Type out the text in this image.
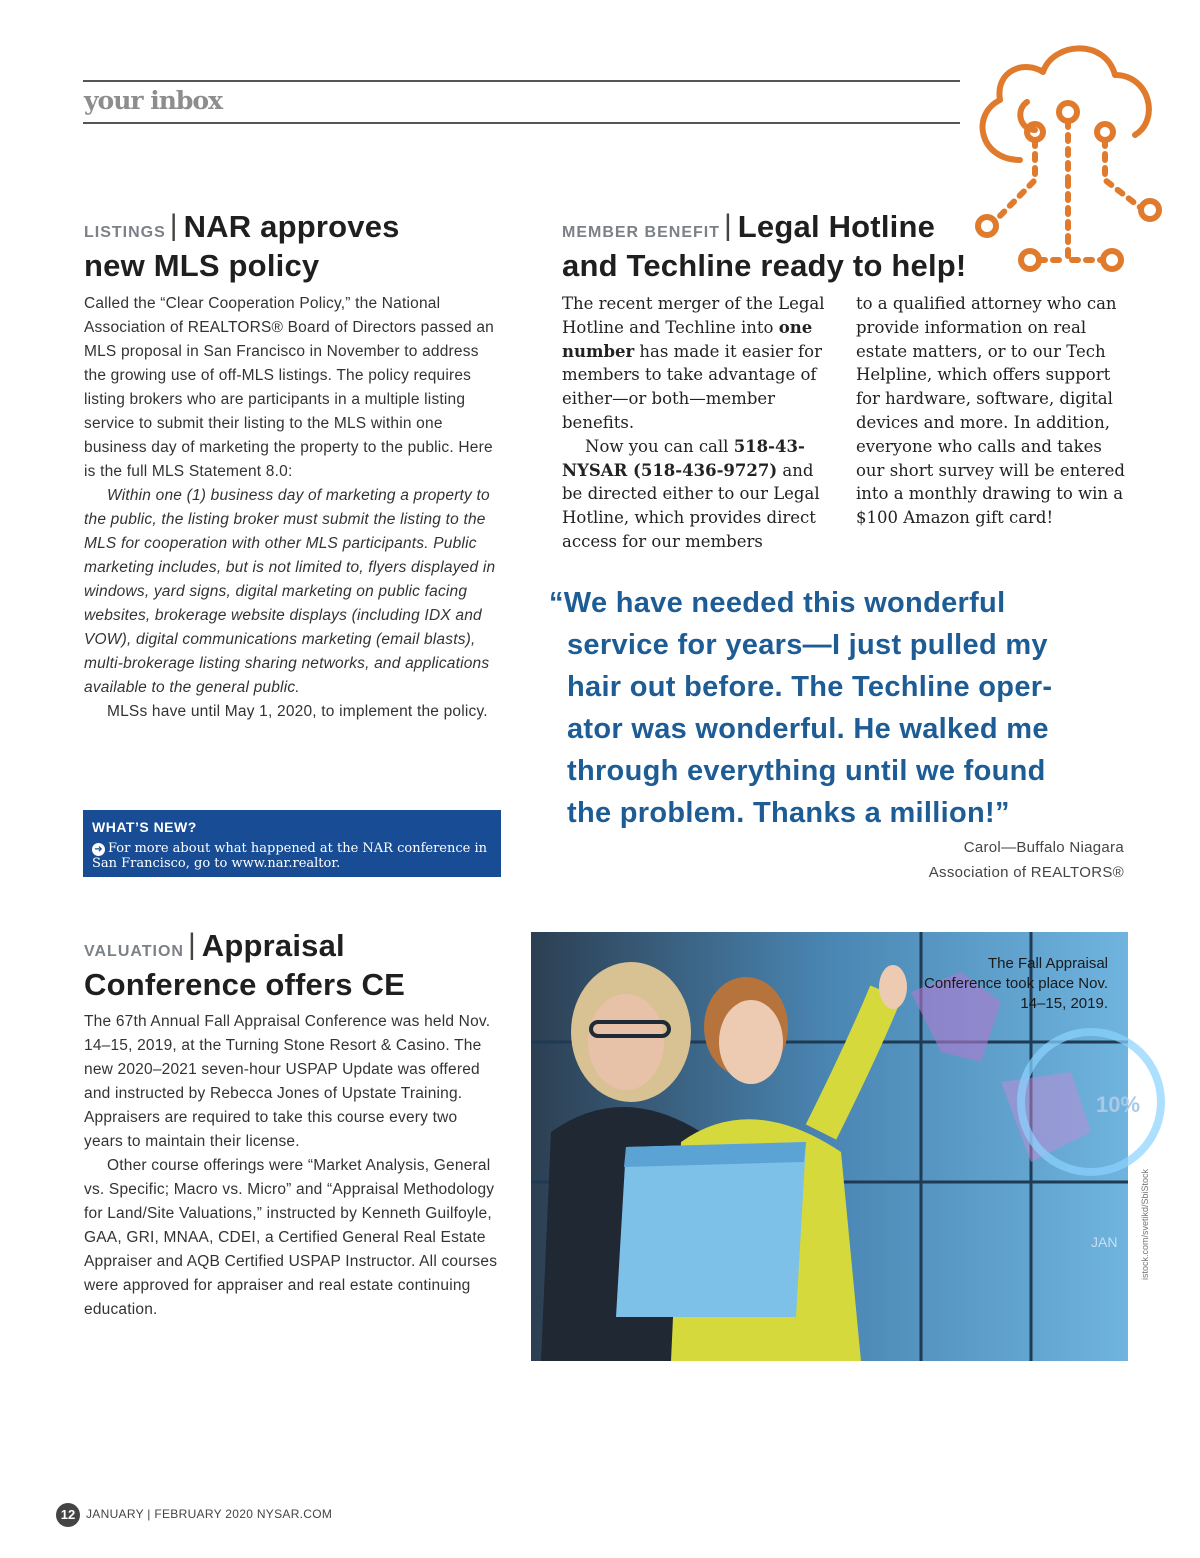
your inbox
LISTINGS | NAR approves
new MLS policy

Called the “Clear Cooperation Policy,” the National Association of REALTORS® Board of Directors passed an MLS proposal in San Francisco in November to address the growing use of off-MLS listings. The policy requires listing brokers who are participants in a multiple listing service to submit their listing to the MLS within one business day of marketing the property to the public. Here is the full MLS Statement 8.0:

Within one (1) business day of marketing a property to the public, the listing broker must submit the listing to the MLS for cooperation with other MLS participants. Public marketing includes, but is not limited to, flyers displayed in windows, yard signs, digital marketing on public facing websites, brokerage website displays (including IDX and VOW), digital communications marketing (email blasts), multi-brokerage listing sharing networks, and applications available to the general public.

MLSs have until May 1, 2020, to implement the policy.

WHAT’S NEW?
➜ For more about what happened at the NAR conference in San Francisco, go to www.nar.realtor.
MEMBER BENEFIT | Legal Hotline
and Techline ready to help!

The recent merger of the Legal Hotline and Techline into one number has made it easier for members to take advantage of either—or both—member benefits.

Now you can call 518-43-NYSAR (518-436-9727) and be directed either to our Legal Hotline, which provides direct access for our members

to a qualified attorney who can provide information on real estate matters, or to our Tech Helpline, which offers support for hardware, software, digital devices and more. In addition, everyone who calls and takes our short survey will be entered into a monthly drawing to win a $100 Amazon gift card!

“We have needed this wonderful
service for years—I just pulled my
hair out before. The Techline oper-
ator was wonderful. He walked me
through everything until we found
the problem. Thanks a million!”
Carol—Buffalo Niagara
Association of REALTORS®
VALUATION | Appraisal
Conference offers CE

The 67th Annual Fall Appraisal Conference was held Nov. 14–15, 2019, at the Turning Stone Resort & Casino. The new 2020–2021 seven-hour USPAP Update was offered and instructed by Rebecca Jones of Upstate Training. Appraisers are required to take this course every two years to maintain their license.

Other course offerings were “Market Analysis, General vs. Specific; Macro vs. Micro” and “Appraisal Methodology for Land/Site Valuations,” instructed by Kenneth Guilfoyle, GAA, GRI, MNAA, CDEI, a Certified General Real Estate Appraiser and AQB Certified USPAP Instructor. All courses were approved for appraiser and real estate continuing education.

10%
JAN
The Fall Appraisal Conference took place Nov. 14–15, 2019.
istock.com/svetikd/SbiStock
12 JANUARY | FEBRUARY 2020 NYSAR.COM
